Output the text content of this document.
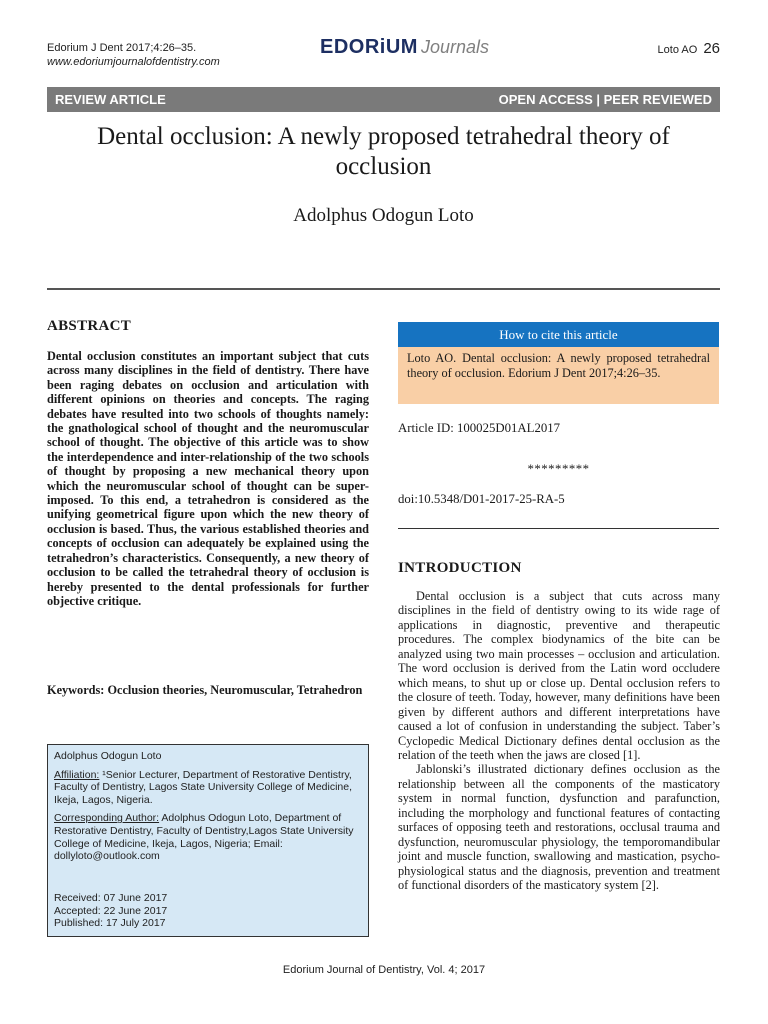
Edorium J Dent 2017;4:26–35.
www.edoriumjournalofdentistry.com
EDORiUM Journals	Loto AO 26
REVIEW ARTICLE	OPEN ACCESS | PEER REVIEWED
Dental occlusion: A newly proposed tetrahedral theory of occlusion
Adolphus Odogun Loto
ABSTRACT
Dental occlusion constitutes an important subject that cuts across many disciplines in the field of dentistry. There have been raging debates on occlusion and articulation with different opinions on theories and concepts. The raging debates have resulted into two schools of thoughts namely: the gnathological school of thought and the neuromuscular school of thought. The objective of this article was to show the interdependence and inter-relationship of the two schools of thought by proposing a new mechanical theory upon which the neuromuscular school of thought can be super-imposed. To this end, a tetrahedron is considered as the unifying geometrical figure upon which the new theory of occlusion is based. Thus, the various established theories and concepts of occlusion can adequately be explained using the tetrahedron’s characteristics. Consequently, a new theory of occlusion to be called the tetrahedral theory of occlusion is hereby presented to the dental professionals for further objective critique.
Keywords: Occlusion theories, Neuromuscular, Tetrahedron

Adolphus Odogun Loto

Affiliation: ¹Senior Lecturer, Department of Restorative Dentistry, Faculty of Dentistry, Lagos State University College of Medicine, Ikeja, Lagos, Nigeria.

Corresponding Author: Adolphus Odogun Loto, Department of Restorative Dentistry, Faculty of Dentistry,Lagos State University College of Medicine, Ikeja, Lagos, Nigeria; Email: dollyloto@outlook.com

Received: 07 June 2017
Accepted: 22 June 2017
Published: 17 July 2017
How to cite this article
Loto AO. Dental occlusion: A newly proposed tetrahedral theory of occlusion. Edorium J Dent 2017;4:26–35.
Article ID: 100025D01AL2017
*********
doi:10.5348/D01-2017-25-RA-5
INTRODUCTION

Dental occlusion is a subject that cuts across many disciplines in the field of dentistry owing to its wide rage of applications in diagnostic, preventive and therapeutic procedures. The complex biodynamics of the bite can be analyzed using two main processes – occlusion and articulation. The word occlusion is derived from the Latin word occludere which means, to shut up or close up. Dental occlusion refers to the closure of teeth. Today, however, many definitions have been given by different authors and different interpretations have caused a lot of confusion in understanding the subject. Taber’s Cyclopedic Medical Dictionary defines dental occlusion as the relation of the teeth when the jaws are closed [1].

Jablonski’s illustrated dictionary defines occlusion as the relationship between all the components of the masticatory system in normal function, dysfunction and parafunction, including the morphology and functional features of contacting surfaces of opposing teeth and restorations, occlusal trauma and dysfunction, neuromuscular physiology, the temporomandibular joint and muscle function, swallowing and mastication, psycho-physiological status and the diagnosis, prevention and treatment of functional disorders of the masticatory system [2].

Edorium Journal of Dentistry, Vol. 4; 2017
